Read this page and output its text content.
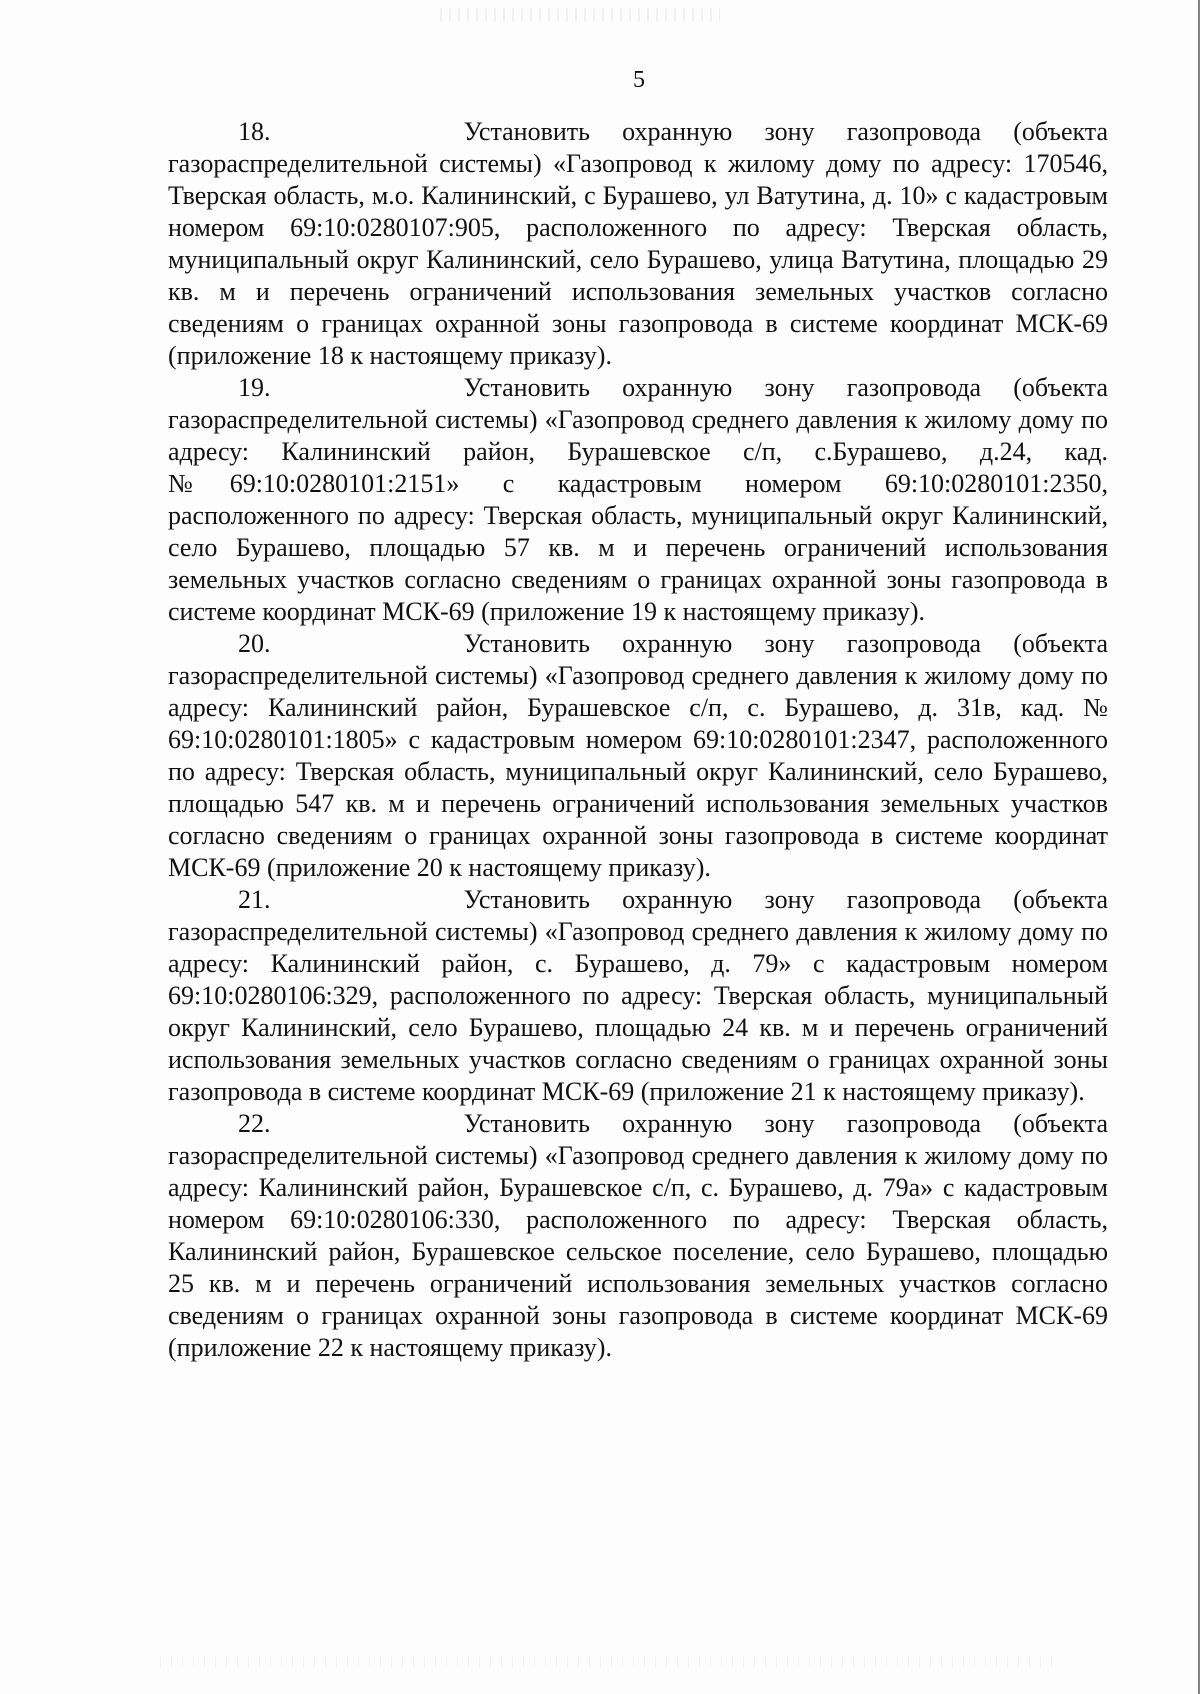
5
18.	Установить охранную зону газопровода (объекта
газораспределительной системы) «Газопровод к жилому дому по адресу: 170546, Тверская область, м.о. Калининский, с Бурашево, ул Ватутина, д. 10» с кадастровым номером 69:10:0280107:905, расположенного по адресу: Тверская область, муниципальный округ Калининский, село Бурашево, улица Ватутина, площадью 29 кв. м и перечень ограничений использования земельных участков согласно сведениям о границах охранной зоны газопровода в системе координат МСК-69 (приложение 18 к настоящему приказу).
19.	Установить охранную зону газопровода (объекта
газораспределительной системы) «Газопровод среднего давления к жилому дому по адресу: Калининский район, Бурашевское с/п, с.Бурашево, д.24, кад.№69:10:0280101:2151» с кадастровым номером 69:10:0280101:2350, расположенного по адресу: Тверская область, муниципальный округ Калининский, село Бурашево, площадью 57 кв. м и перечень ограничений использования земельных участков согласно сведениям о границах охранной зоны газопровода в системе координат МСК-69 (приложение 19 к настоящему приказу).
20.	Установить охранную зону газопровода (объекта
газораспределительной системы) «Газопровод среднего давления к жилому дому по адресу: Калининский район, Бурашевское с/п, с. Бурашево, д. 31в, кад. № 69:10:0280101:1805» с кадастровым номером 69:10:0280101:2347, расположенного по адресу: Тверская область, муниципальный округ Калининский, село Бурашево, площадью 547 кв. м и перечень ограничений использования земельных участков согласно сведениям о границах охранной зоны газопровода в системе координат МСК-69 (приложение 20 к настоящему приказу).
21.	Установить охранную зону газопровода (объекта
газораспределительной системы) «Газопровод среднего давления к жилому дому по адресу: Калининский район, с. Бурашево, д. 79» с кадастровым номером 69:10:0280106:329, расположенного по адресу: Тверская область, муниципальный округ Калининский, село Бурашево, площадью 24 кв. м и перечень ограничений использования земельных участков согласно сведениям о границах охранной зоны газопровода в системе координат МСК-69 (приложение 21 к настоящему приказу).
22.	Установить охранную зону газопровода (объекта
газораспределительной системы) «Газопровод среднего давления к жилому дому по адресу: Калининский район, Бурашевское с/п, с. Бурашево, д. 79а» с кадастровым номером 69:10:0280106:330, расположенного по адресу: Тверская область, Калининский район, Бурашевское сельское поселение, село Бурашево, площадью 25 кв. м и перечень ограничений использования земельных участков согласно сведениям о границах охранной зоны газопровода в системе координат МСК-69 (приложение 22 к настоящему приказу).
